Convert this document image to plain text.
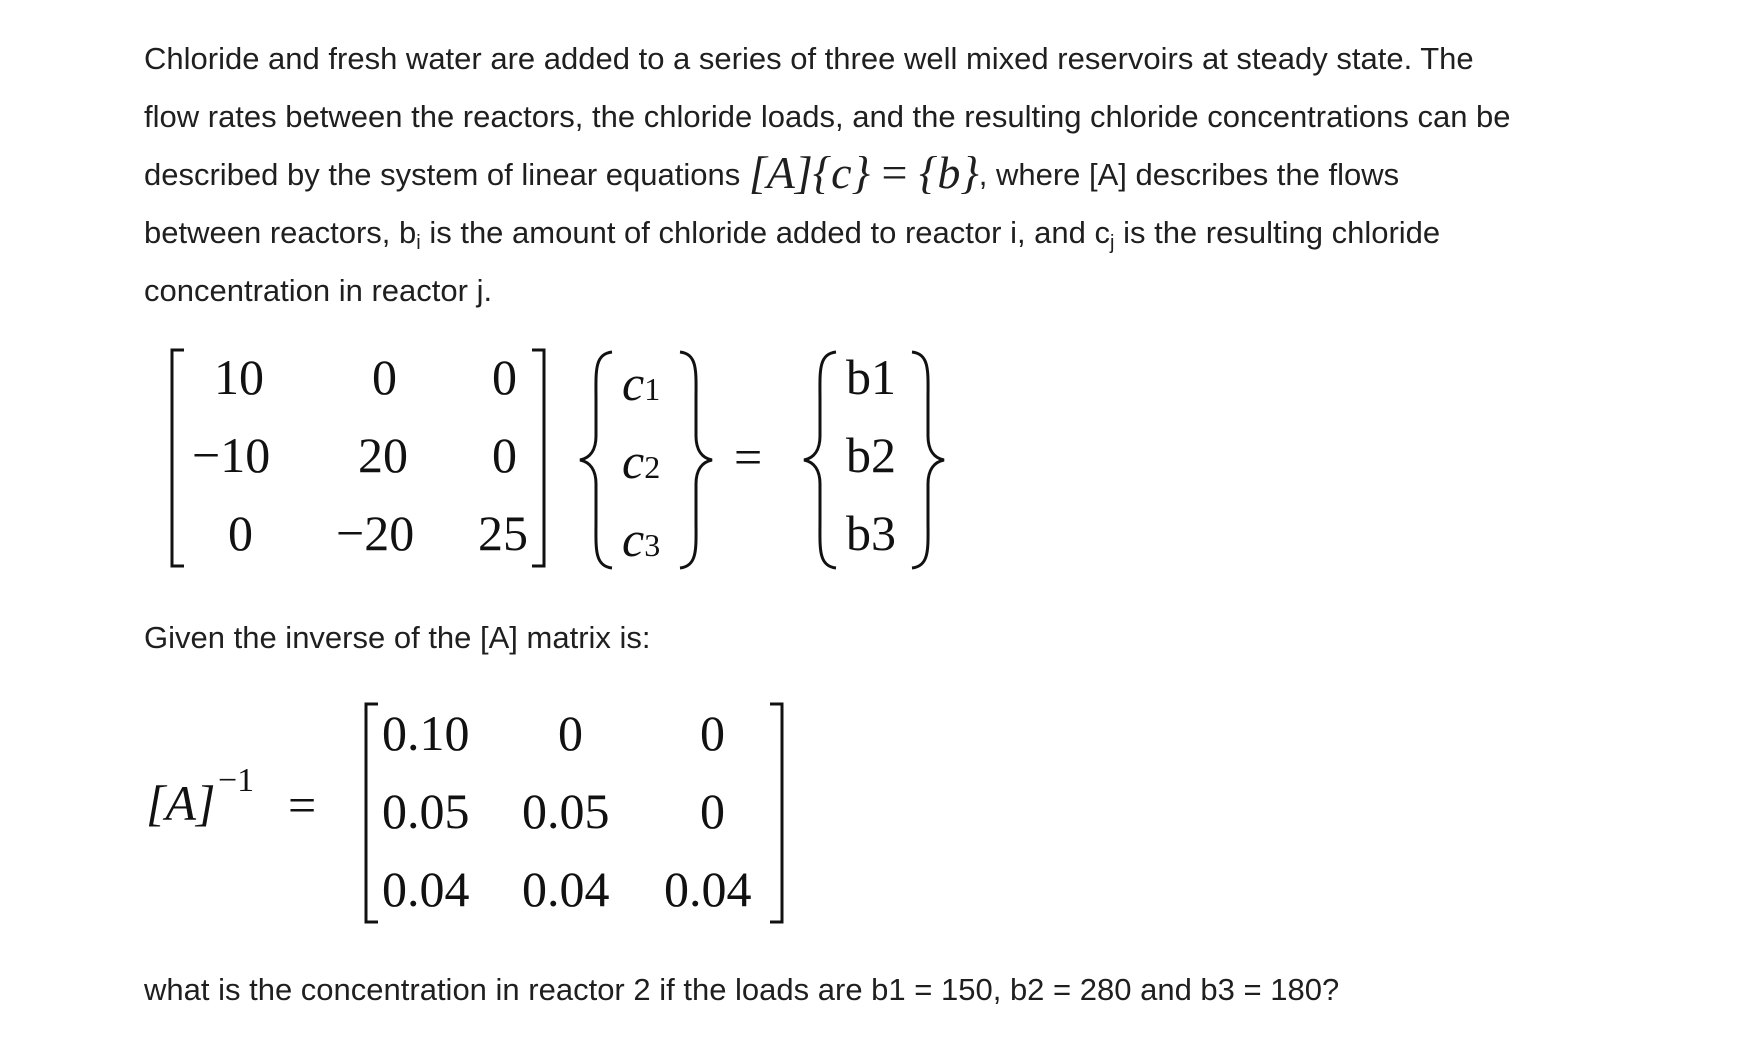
Chloride and fresh water are added to a series of three well mixed reservoirs at steady state. The

flow rates between the reactors, the chloride loads, and the resulting chloride concentrations can be

described by the system of linear equations [A]{c} = {b}, where [A] describes the flows

between reactors, $b_i$ is the amount of chloride added to reactor i, and $c_j$ is the resulting chloride

concentration in reactor j.

10 0 0
−10 20 0
0 −20 25
c1
c2
c3
=
b1
b2
b3
Given the inverse of the [A] matrix is:
[A] −1 =
0.10 0 0
0.05 0.05 0
0.04 0.04 0.04
what is the concentration in reactor 2 if the loads are b1 = 150, b2 = 280 and b3 = 180?
